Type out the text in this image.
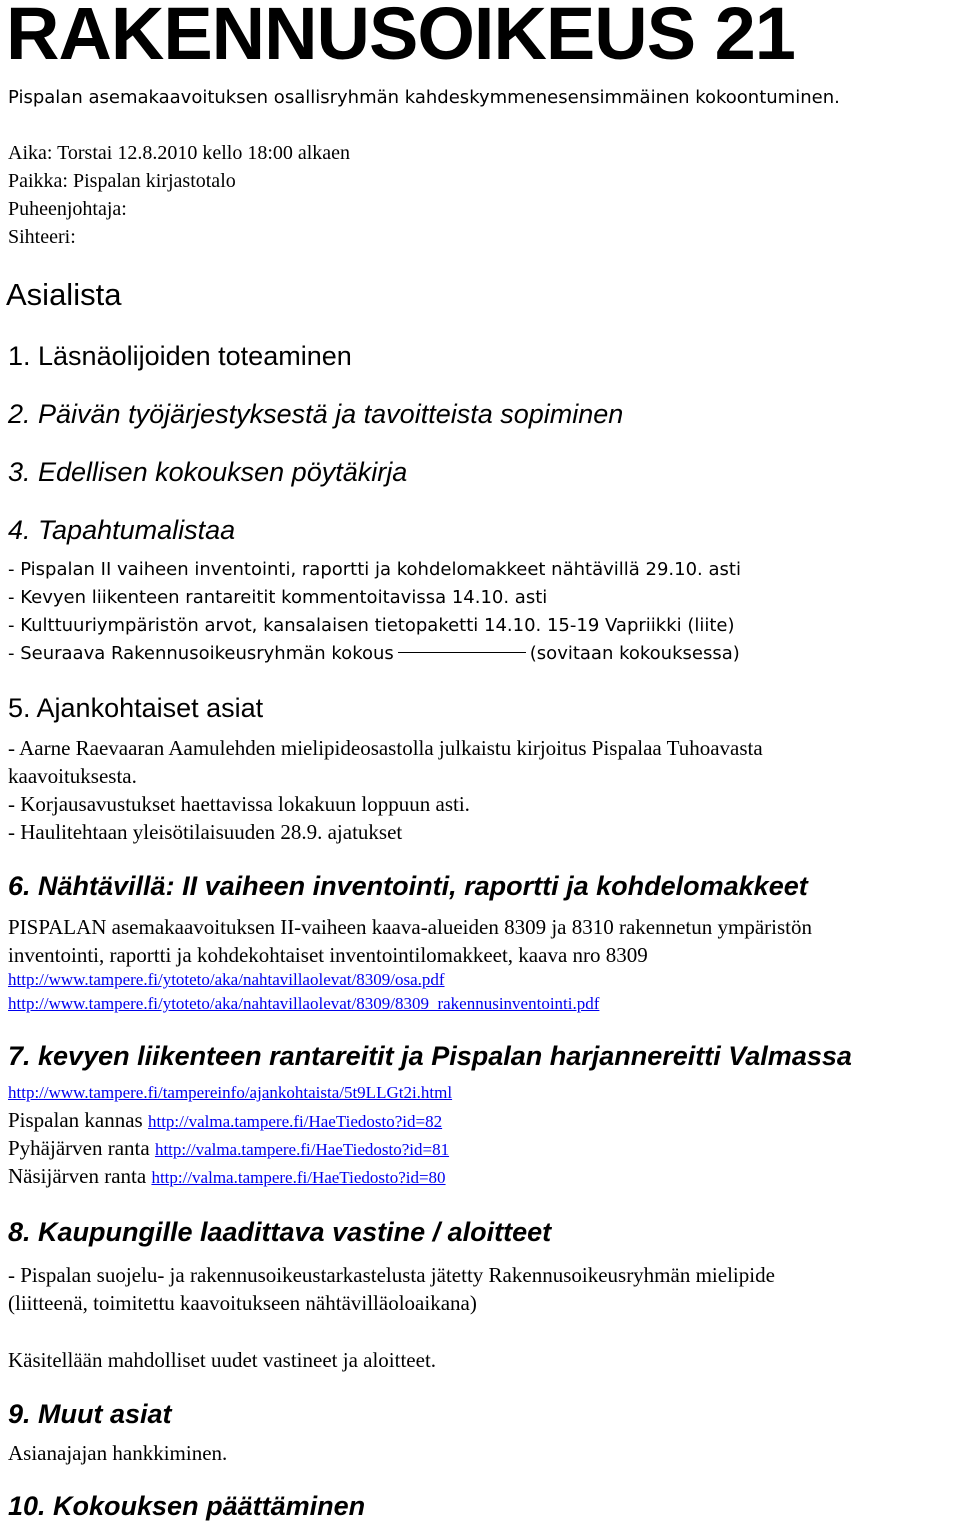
RAKENNUSOIKEUS 21
Pispalan asemakaavoituksen osallisryhmän kahdeskymmenesensimmäinen kokoontuminen.
Aika: Torstai 12.8.2010 kello 18:00 alkaen
Paikka: Pispalan kirjastotalo
Puheenjohtaja:
Sihteeri:
Asialista
1. Läsnäolijoiden toteaminen
2. Päivän työjärjestyksestä ja tavoitteista sopiminen
3. Edellisen kokouksen pöytäkirja
4. Tapahtumalistaa
- Pispalan II vaiheen inventointi, raportti ja kohdelomakkeet nähtävillä 29.10. asti
- Kevyen liikenteen rantareitit kommentoitavissa 14.10. asti
- Kulttuuriympäristön arvot, kansalaisen tietopaketti 14.10. 15-19 Vapriikki (liite)
- Seuraava Rakennusoikeusryhmän kokous	(sovitaan kokouksessa)
5. Ajankohtaiset asiat
- Aarne Raevaaran Aamulehden mielipideosastolla julkaistu kirjoitus Pispalaa Tuhoavasta
kaavoituksesta.
- Korjausavustukset haettavissa lokakuun loppuun asti.
- Haulitehtaan yleisötilaisuuden 28.9. ajatukset
6. Nähtävillä: II vaiheen inventointi, raportti ja kohdelomakkeet
PISPALAN asemakaavoituksen II-vaiheen kaava-alueiden 8309 ja 8310 rakennetun ympäristön
inventointi, raportti ja kohdekohtaiset inventointilomakkeet, kaava nro 8309
http://www.tampere.fi/ytoteto/aka/nahtavillaolevat/8309/osa.pdf
http://www.tampere.fi/ytoteto/aka/nahtavillaolevat/8309/8309_rakennusinventointi.pdf
7. kevyen liikenteen rantareitit ja Pispalan harjannereitti Valmassa
http://www.tampere.fi/tampereinfo/ajankohtaista/5t9LLGt2i.html
Pispalan kannas http://valma.tampere.fi/HaeTiedosto?id=82
Pyhäjärven ranta http://valma.tampere.fi/HaeTiedosto?id=81
Näsijärven ranta http://valma.tampere.fi/HaeTiedosto?id=80
8. Kaupungille laadittava vastine / aloitteet
- Pispalan suojelu- ja rakennusoikeustarkastelusta jätetty Rakennusoikeusryhmän mielipide
(liitteenä, toimitettu kaavoitukseen nähtävilläoloaikana)
Käsitellään mahdolliset uudet vastineet ja aloitteet.
9. Muut asiat
Asianajajan hankkiminen.
10. Kokouksen päättäminen
